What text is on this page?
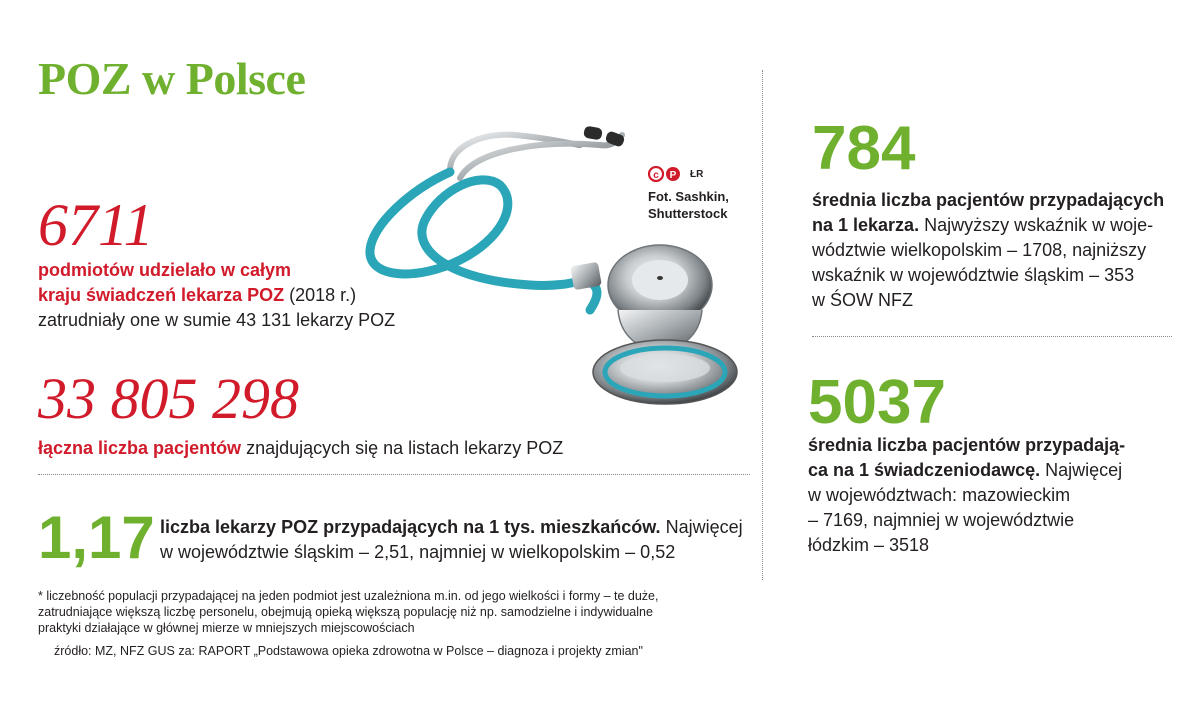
POZ w Polsce
c P ŁR
Fot. Sashkin,
Shutterstock
6711
podmiotów udzielało w całym
kraju świadczeń lekarza POZ (2018 r.)
zatrudniały one w sumie 43 131 lekarzy POZ
33 805 298
łączna liczba pacjentów znajdujących się na listach lekarzy POZ
1,17 liczba lekarzy POZ przypadających na 1 tys. mieszkańców. Najwięcej
w województwie śląskim – 2,51, najmniej w wielkopolskim – 0,52
* liczebność populacji przypadającej na jeden podmiot jest uzależniona m.in. od jego wielkości i formy – te duże,
zatrudniające większą liczbę personelu, obejmują opieką większą populację niż np. samodzielne i indywidualne
praktyki działające w głównej mierze w mniejszych miejscowościach
źródło: MZ, NFZ GUS za: RAPORT „Podstawowa opieka zdrowotna w Polsce – diagnoza i projekty zmian"
784
średnia liczba pacjentów przypadających
na 1 lekarza. Najwyższy wskaźnik w woje-
wództwie wielkopolskim – 1708, najniższy
wskaźnik w województwie śląskim – 353
w ŚOW NFZ
5037
średnia liczba pacjentów przypadają-
ca na 1 świadczeniodawcę. Najwięcej
w województwach: mazowieckim
– 7169, najmniej w województwie
łódzkim – 3518
